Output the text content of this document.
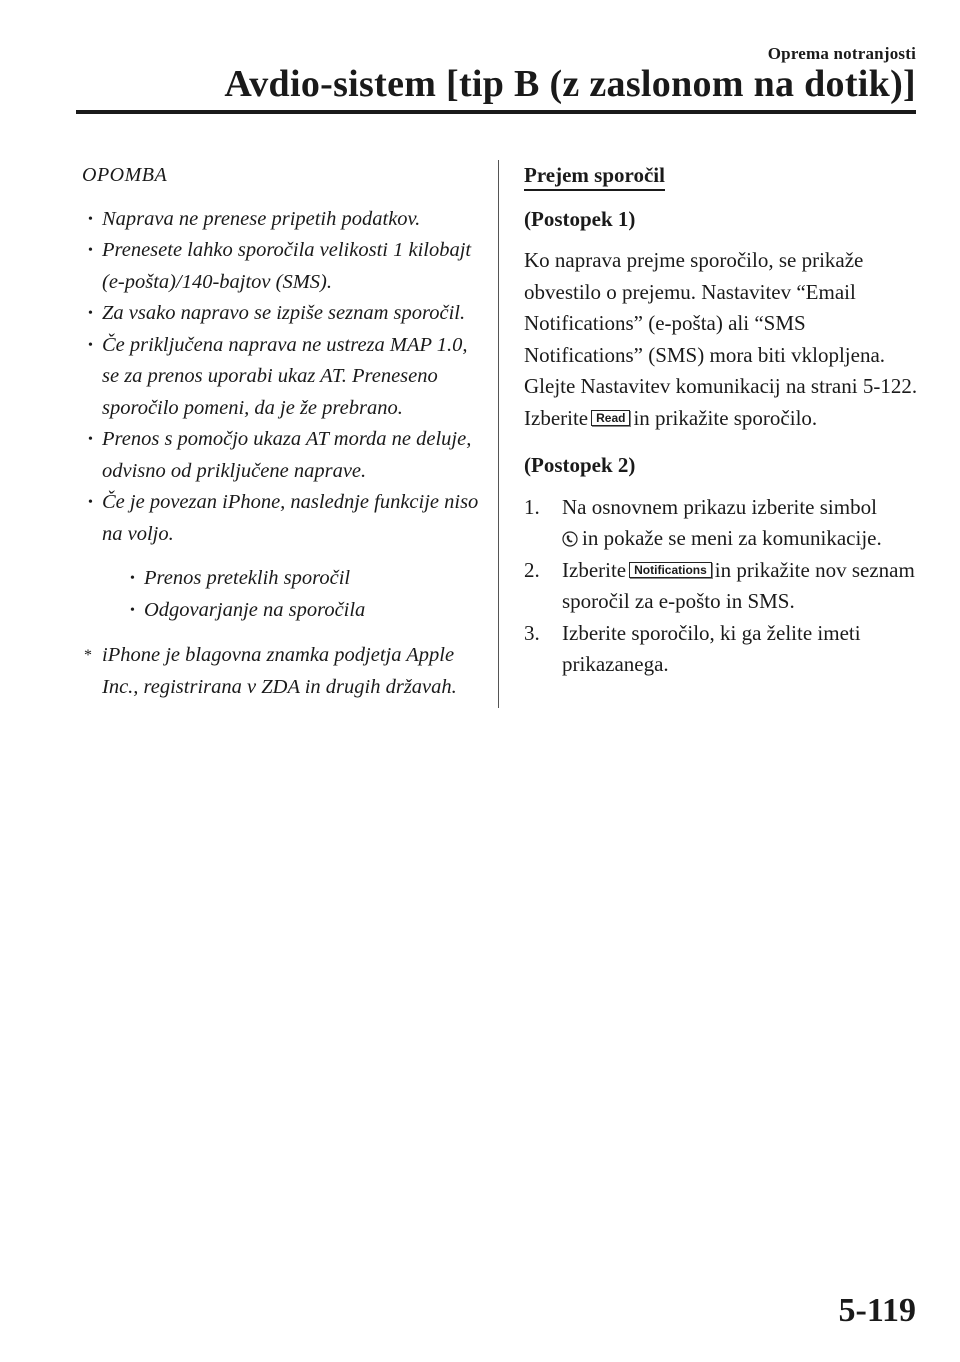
Oprema notranjosti
Avdio-sistem [tip B (z zaslonom na dotik)]

OPOMBA

• Naprava ne prenese pripetih podatkov.
• Prenesete lahko sporočila velikosti 1 kilobajt (e-pošta)/140-bajtov (SMS).
• Za vsako napravo se izpiše seznam sporočil.
• Če priključena naprava ne ustreza MAP 1.0, se za prenos uporabi ukaz AT. Preneseno sporočilo pomeni, da je že prebrano.
• Prenos s pomočjo ukaza AT morda ne deluje, odvisno od priključene naprave.
• Če je povezan iPhone, naslednje funkcije niso na voljo.
• Prenos preteklih sporočil
• Odgovarjanje na sporočila

* iPhone je blagovna znamka podjetja Apple Inc., registrirana v ZDA in drugih državah.

Prejem sporočil

(Postopek 1)

Ko naprava prejme sporočilo, se prikaže obvestilo o prejemu. Nastavitev “Email Notifications” (e-pošta) ali “SMS Notifications” (SMS) mora biti vklopljena. Glejte Nastavitev komunikacij na strani 5-122.

Izberite Read in prikažite sporočilo.

(Postopek 2)

1. Na osnovnem prikazu izberite simbol
in pokaže se meni za komunikacije.
2. Izberite Notifications in prikažite nov seznam sporočil za e-pošto in SMS.
3. Izberite sporočilo, ki ga želite imeti prikazanega.
5-119
